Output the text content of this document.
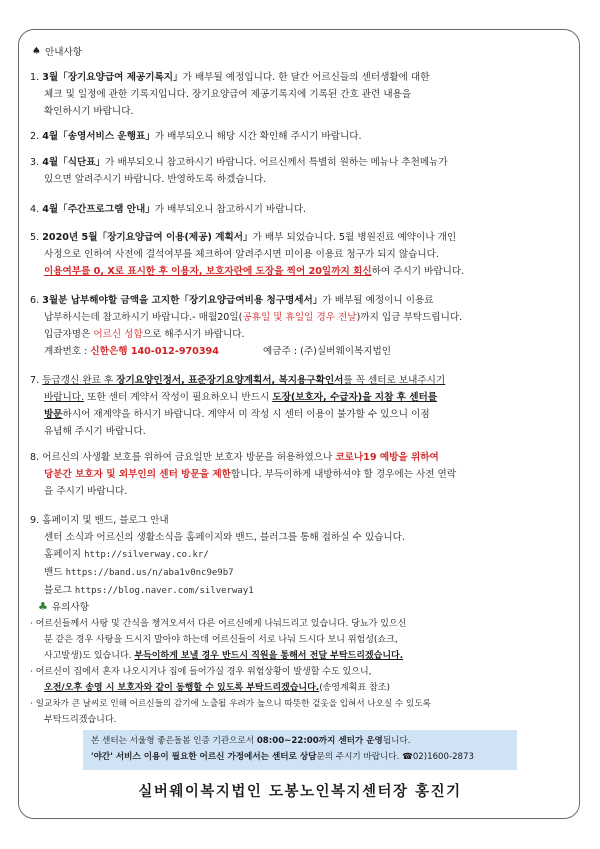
♠ 안내사항
1. 3월「장기요양급여 제공기록지」가 배부될 예정입니다. 한 달간 어르신들의 센터생활에 대한
체크 및 일정에 관한 기록지입니다. 장기요양급여 제공기록지에 기록된 간호 관련 내용을
확인하시기 바랍니다.
2. 4월「송영서비스 운행표」가 배부되오니 해당 시간 확인해 주시기 바랍니다.
3. 4월「식단표」가 배부되오니 참고하시기 바랍니다. 어르신께서 특별히 원하는 메뉴나 추천메뉴가
있으면 알려주시기 바랍니다. 반영하도록 하겠습니다.
4. 4월「주간프로그램 안내」가 배부되오니 참고하시기 바랍니다.
5. 2020년 5월「장기요양급여 이용(제공) 계획서」가 배부 되었습니다. 5월 병원진료 예약이나 개인
사정으로 인하여 사전에 결석여부를 체크하여 알려주시면 미이용 이용료 청구가 되지 않습니다.
이용여부를 0, X로 표시한 후 이용자, 보호자란에 도장을 찍어 20일까지 회신하여 주시기 바랍니다.
6. 3월분 납부해야할 금액을 고지한「장기요양급여비용 청구명세서」가 배부될 예정이니 이용료
납부하시는데 참고하시기 바랍니다.- 매월20일(공휴일 및 휴일일 경우 전날)까지 입금 부탁드립니다.
입금자명은 어르신 성함으로 해주시기 바랍니다.
계좌번호 : 신한은행 140-012-970394	예금주 : (주)실버웨이복지법인
7. 등급갱신 완료 후 장기요양인정서, 표준장기요양계획서, 복지용구확인서를 꼭 센터로 보내주시기
바랍니다. 또한 센터 계약서 작성이 필요하오니 반드시 도장(보호자, 수급자)을 지참 후 센터를
방문하시어 재계약을 하시기 바랍니다. 계약서 미 작성 시 센터 이용이 불가할 수 있으니 이점
유념해 주시기 바랍니다.
8. 어르신의 사생활 보호를 위하여 금요일만 보호자 방문을 허용하였으나 코로나19 예방을 위하여
당분간 보호자 및 외부인의 센터 방문을 제한합니다. 부득이하게 내방하셔야 할 경우에는 사전 연락
을 주시기 바랍니다.
9. 홈페이지 및 밴드, 블로그 안내
센터 소식과 어르신의 생활소식을 홈페이지와 밴드, 블러그를 통해 접하실 수 있습니다.
홈페이지 http://silverway.co.kr/
밴드 https://band.us/n/aba1v0nc9e9b7
블로그 https://blog.naver.com/silverway1
♣ 유의사항
· 어르신들께서 사탕 및 간식을 챙겨오셔서 다른 어르신에게 나눠드리고 있습니다. 당뇨가 있으신
분 같은 경우 사탕을 드시지 말아야 하는데 어르신들이 서로 나눠 드시다 보니 위험성(쇼크,
사고발생)도 있습니다. 부득이하게 보낼 경우 반드시 직원을 통해서 전달 부탁드리겠습니다.
· 어르신이 집에서 혼자 나오시거나 집에 들어가실 경우 위험상황이 발생할 수도 있으니,
오전/오후 송영 시 보호자와 같이 동행할 수 있도록 부탁드리겠습니다.(송영계획표 참조)
· 일교차가 큰 날씨로 인해 어르신들의 감기에 노출될 우려가 높으니 따뜻한 겉옷을 입혀서 나오실 수 있도록
부탁드리겠습니다.
본 센터는 서울형 좋은돌봄 인증 기관으로서 08:00~22:00까지 센터가 운영됩니다.
'야간' 서비스 이용이 필요한 어르신 가정에서는 센터로 상담문의 주시기 바랍니다. ☎02)1600-2873
실버웨이복지법인 도봉노인복지센터장 홍진기
